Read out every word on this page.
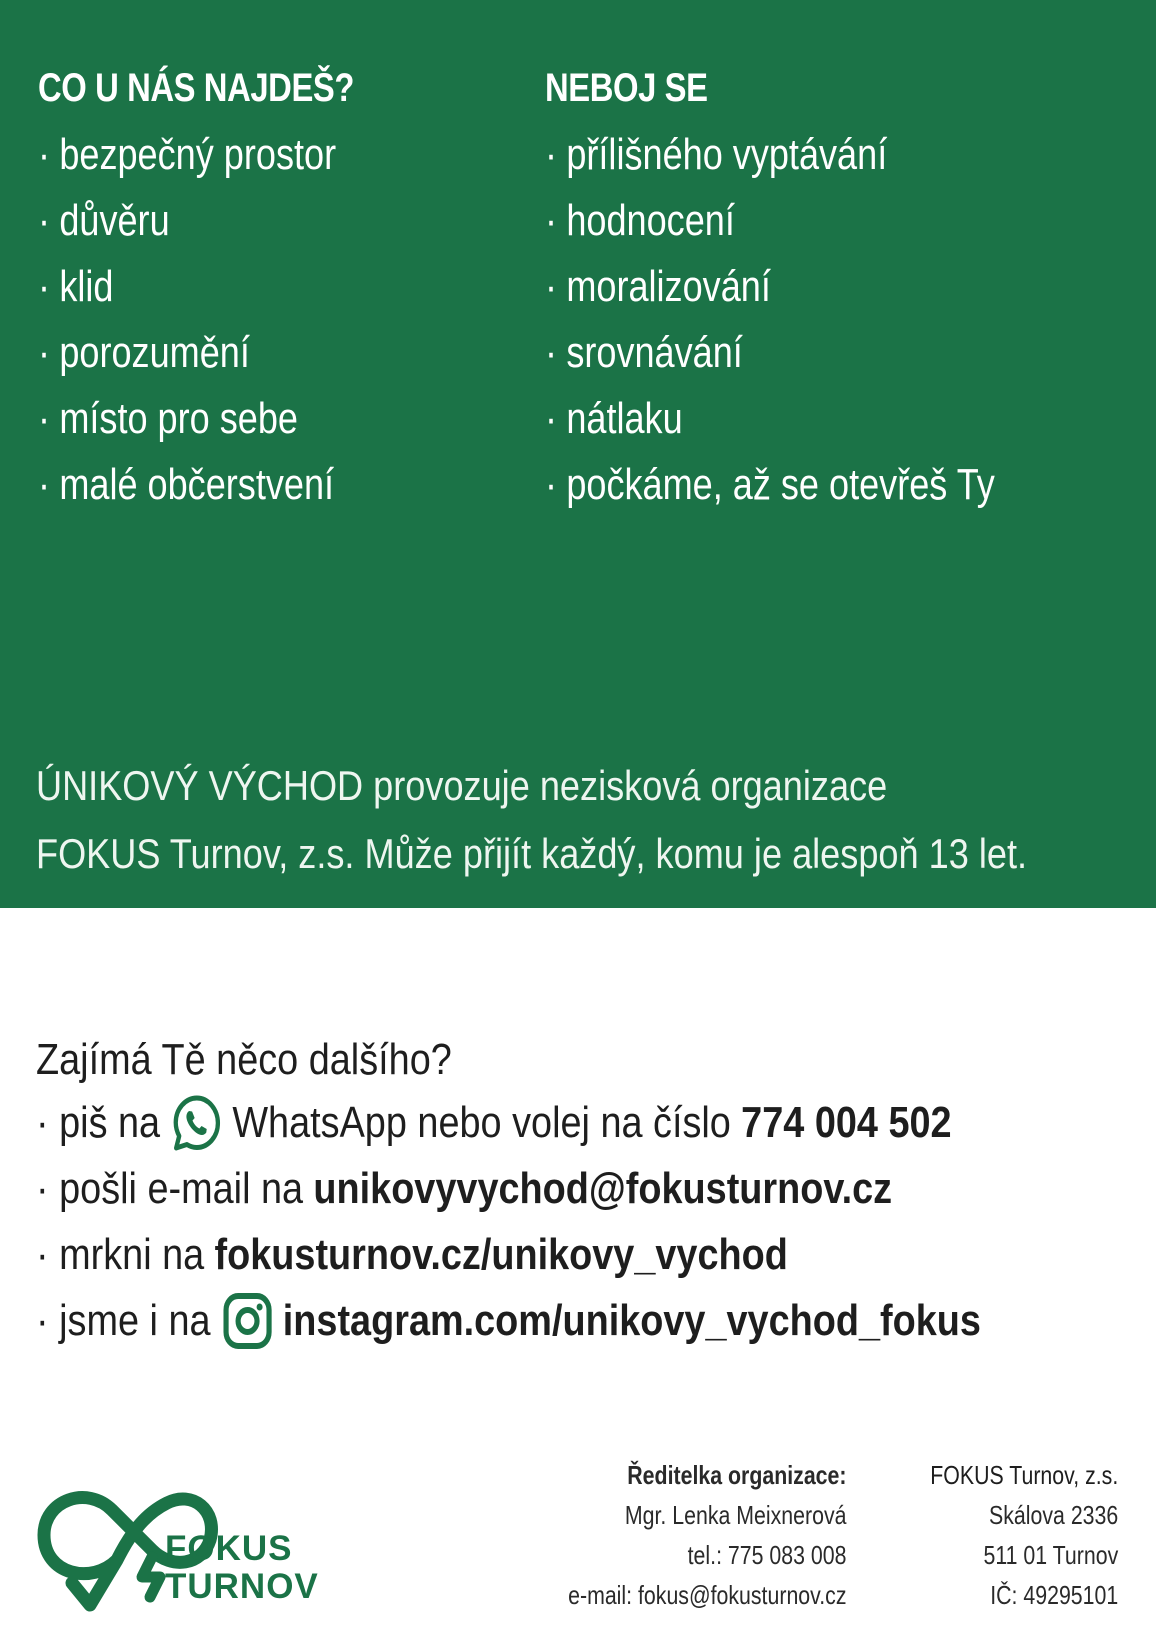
CO U NÁS NAJDEŠ?
· bezpečný prostor
· důvěru
· klid
· porozumění
· místo pro sebe
· malé občerstvení
NEBOJ SE
· přílišného vyptávání
· hodnocení
· moralizování
· srovnávání
· nátlaku
· počkáme, až se otevřeš Ty
ÚNIKOVÝ VÝCHOD provozuje nezisková organizace
FOKUS Turnov, z.s. Může přijít každý, komu je alespoň 13 let.
Zajímá Tě něco dalšího?
· piš na WhatsApp nebo volej na číslo 774 004 502
· pošli e-mail na unikovyvychod@fokusturnov.cz
· mrkni na fokusturnov.cz/unikovy_vychod
· jsme i na instagram.com/unikovy_vychod_fokus
FOKUS
TURNOV
Ředitelka organizace:
Mgr. Lenka Meixnerová
tel.: 775 083 008
e-mail: fokus@fokusturnov.cz
FOKUS Turnov, z.s.
Skálova 2336
511 01 Turnov
IČ: 49295101
